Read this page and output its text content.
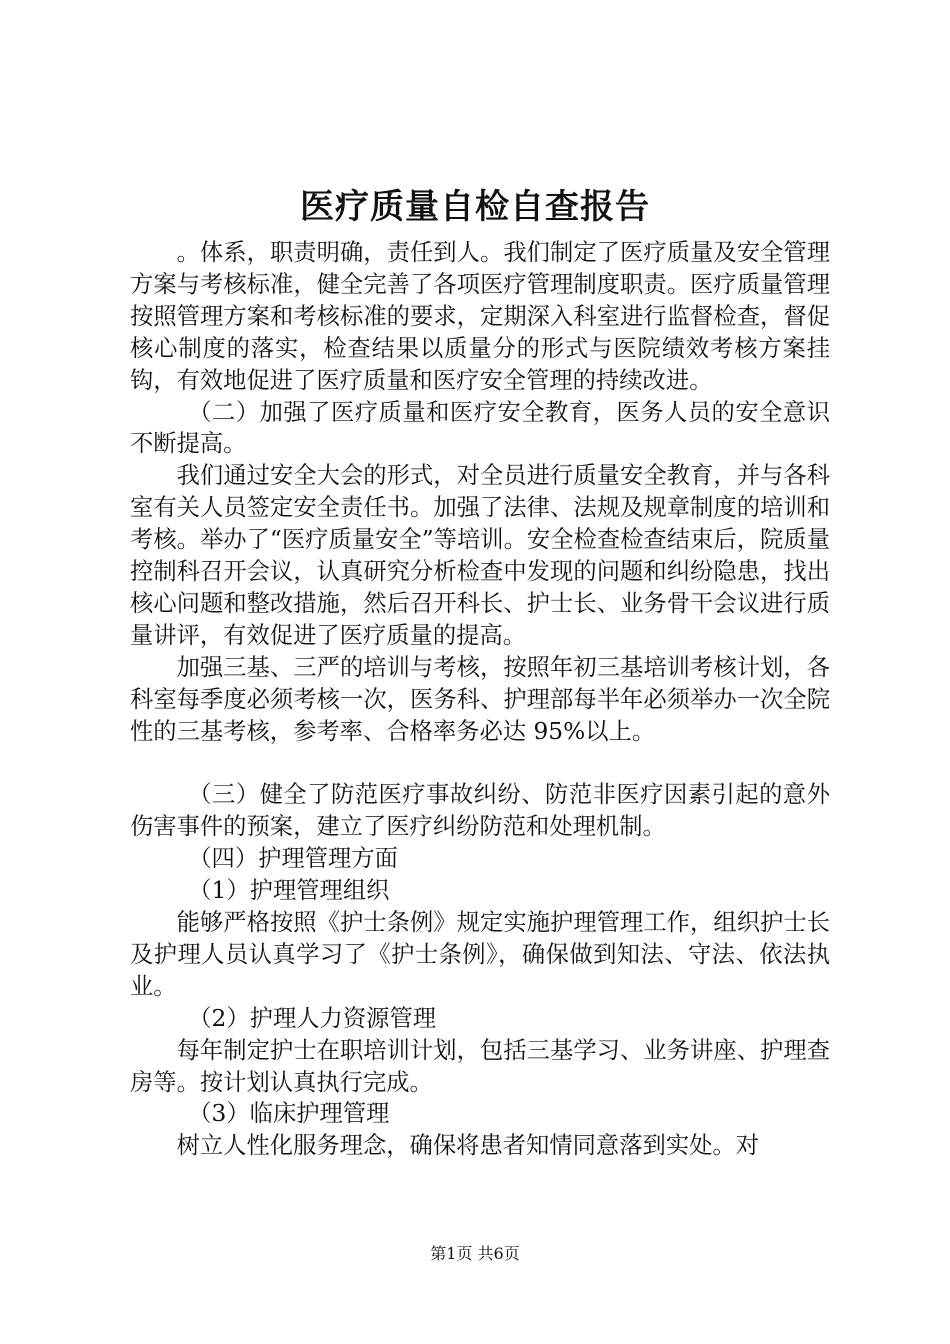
医疗质量自检自查报告

。体系，职责明确，责任到人。我们制定了医疗质量及安全管理方案与考核标准，健全完善了各项医疗管理制度职责。医疗质量管理按照管理方案和考核标准的要求，定期深入科室进行监督检查，督促核心制度的落实，检查结果以质量分的形式与医院绩效考核方案挂钩，有效地促进了医疗质量和医疗安全管理的持续改进。

（二）加强了医疗质量和医疗安全教育，医务人员的安全意识不断提高。

我们通过安全大会的形式，对全员进行质量安全教育，并与各科室有关人员签定安全责任书。加强了法律、法规及规章制度的培训和考核。举办了“医疗质量安全”等培训。安全检查检查结束后，院质量控制科召开会议，认真研究分析检查中发现的问题和纠纷隐患，找出核心问题和整改措施，然后召开科长、护士长、业务骨干会议进行质量讲评，有效促进了医疗质量的提高。

加强三基、三严的培训与考核，按照年初三基培训考核计划，各科室每季度必须考核一次，医务科、护理部每半年必须举办一次全院性的三基考核，参考率、合格率务必达 95%以上。

（三）健全了防范医疗事故纠纷、防范非医疗因素引起的意外伤害事件的预案，建立了医疗纠纷防范和处理机制。

（四）护理管理方面

（1）护理管理组织

能够严格按照《护士条例》规定实施护理管理工作，组织护士长及护理人员认真学习了《护士条例》，确保做到知法、守法、依法执业。

（2）护理人力资源管理

每年制定护士在职培训计划，包括三基学习、业务讲座、护理查房等。按计划认真执行完成。

（3）临床护理管理

树立人性化服务理念，确保将患者知情同意落到实处。对

第1页 共6页
